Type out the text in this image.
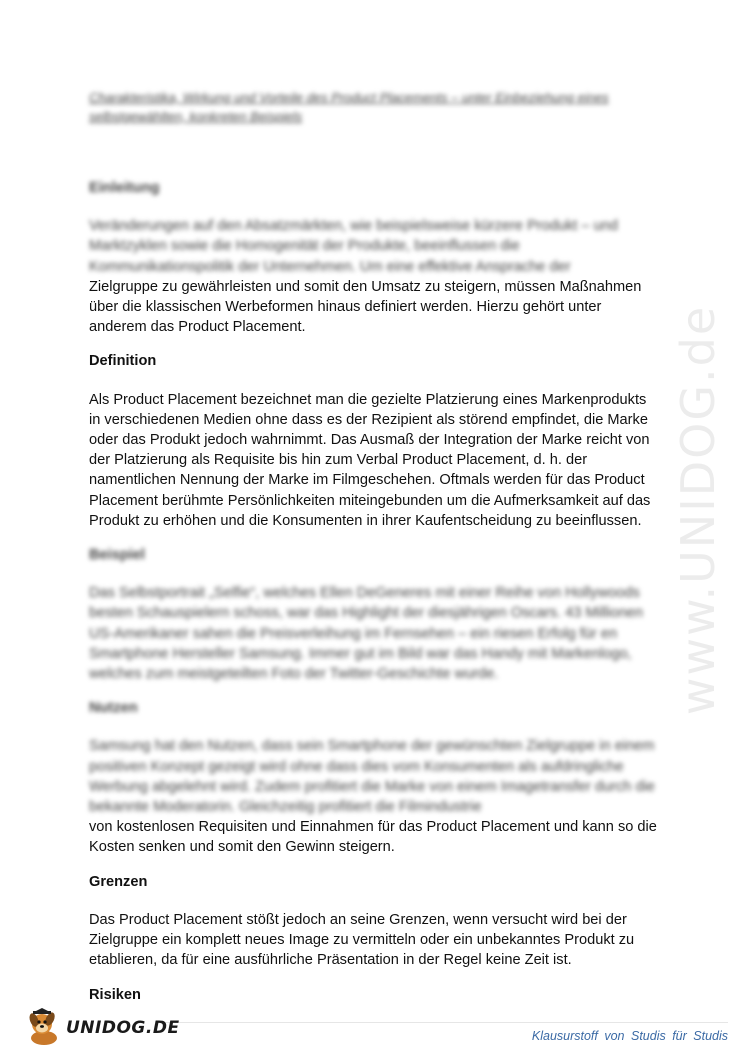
www.UNIDOG.de

Charakteristika, Wirkung und Vorteile des Product Placements – unter Einbeziehung eines selbstgewählten, konkreten Beispiels

Einleitung

Veränderungen auf den Absatzmärkten, wie beispielsweise kürzere Produkt – und Marktzyklen sowie die Homogenität der Produkte, beeinflussen die Kommunikationspolitik der Unternehmen. Um eine effektive Ansprache der

Zielgruppe zu gewährleisten und somit den Umsatz zu steigern, müssen Maßnahmen über die klassischen Werbeformen hinaus definiert werden. Hierzu gehört unter anderem das Product Placement.

Definition

Als Product Placement bezeichnet man die gezielte Platzierung eines Markenprodukts in verschiedenen Medien ohne dass es der Rezipient als störend empfindet, die Marke oder das Produkt jedoch wahrnimmt. Das Ausmaß der Integration der Marke reicht von der Platzierung als Requisite bis hin zum Verbal Product Placement, d. h. der namentlichen Nennung der Marke im Filmgeschehen. Oftmals werden für das Product Placement berühmte Persönlichkeiten miteingebunden um die Aufmerksamkeit auf das Produkt zu erhöhen und die Konsumenten in ihrer Kaufentscheidung zu beeinflussen.

Beispiel

Das Selbstportrait „Selfie“, welches Ellen DeGeneres mit einer Reihe von Hollywoods besten Schauspielern schoss, war das Highlight der diesjährigen Oscars. 43 Millionen US-Amerikaner sahen die Preisverleihung im Fernsehen – ein riesen Erfolg für en Smartphone Hersteller Samsung. Immer gut im Bild war das Handy mit Markenlogo, welches zum meistgeteilten Foto der Twitter-Geschichte wurde.

Nutzen

Samsung hat den Nutzen, dass sein Smartphone der gewünschten Zielgruppe in einem positiven Konzept gezeigt wird ohne dass dies vom Konsumenten als aufdringliche Werbung abgelehnt wird. Zudem profitiert die Marke von einem Imagetransfer durch die bekannte Moderatorin. Gleichzeitig profitiert die Filmindustrie

von kostenlosen Requisiten und Einnahmen für das Product Placement und kann so die Kosten senken und somit den Gewinn steigern.

Grenzen

Das Product Placement stößt jedoch an seine Grenzen, wenn versucht wird bei der Zielgruppe ein komplett neues Image zu vermitteln oder ein unbekanntes Produkt zu etablieren, da für eine ausführliche Präsentation in der Regel keine Zeit ist.

Risiken

UNIDOG.DE	Klausurstoff von Studis für Studis
